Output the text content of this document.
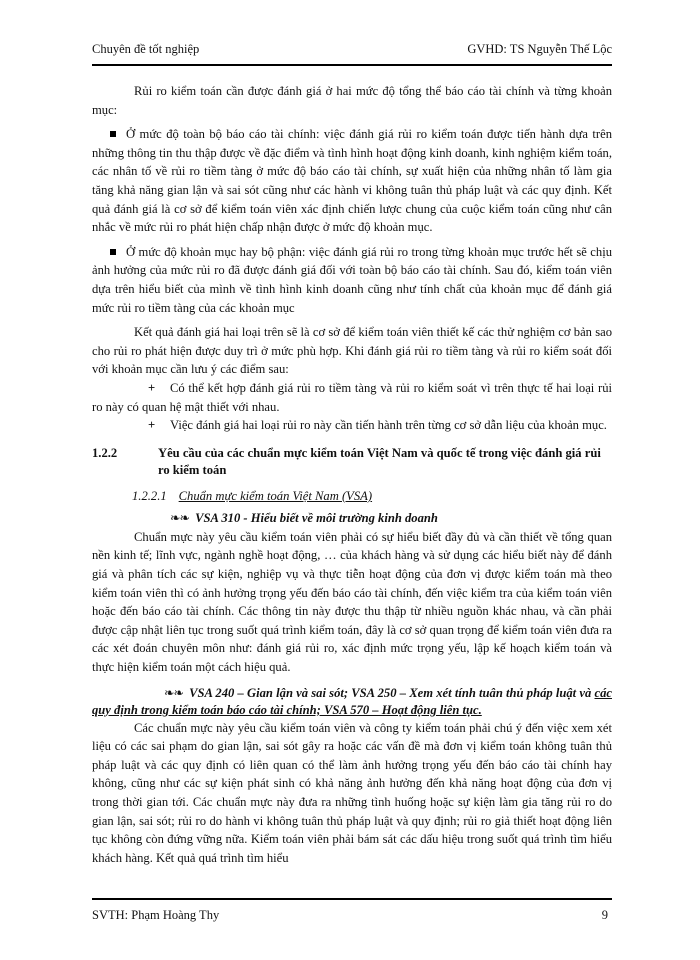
Chuyên đề tốt nghiệp	GVHD: TS Nguyễn Thế Lộc

Rủi ro kiểm toán cần được đánh giá ở hai mức độ tổng thể báo cáo tài chính và từng khoản mục:

Ở mức độ toàn bộ báo cáo tài chính: việc đánh giá rủi ro kiểm toán được tiến hành dựa trên những thông tin thu thập được về đặc điểm và tình hình hoạt động kinh doanh, kinh nghiệm kiểm toán, các nhân tố về rủi ro tiềm tàng ở mức độ báo cáo tài chính, sự xuất hiện của những nhân tố làm gia tăng khả năng gian lận và sai sót cũng như các hành vi không tuân thủ pháp luật và các quy định. Kết quả đánh giá là cơ sở để kiểm toán viên xác định chiến lược chung của cuộc kiểm toán cũng như cân nhắc về mức rủi ro phát hiện chấp nhận được ở mức độ khoản mục.

Ở mức độ khoản mục hay bộ phận: việc đánh giá rủi ro trong từng khoản mục trước hết sẽ chịu ảnh hưởng của mức rủi ro đã được đánh giá đối với toàn bộ báo cáo tài chính. Sau đó, kiểm toán viên dựa trên hiểu biết của mình về tình hình kinh doanh cũng như tính chất của khoản mục để đánh giá mức rủi ro tiềm tàng của các khoản mục

Kết quả đánh giá hai loại trên sẽ là cơ sở để kiểm toán viên thiết kế các thử nghiệm cơ bản sao cho rủi ro phát hiện được duy trì ở mức phù hợp. Khi đánh giá rủi ro tiềm tàng và rủi ro kiểm soát đối với khoản mục cần lưu ý các điểm sau:

+ Có thể kết hợp đánh giá rủi ro tiềm tàng và rủi ro kiểm soát vì trên thực tế hai loại rủi ro này có quan hệ mật thiết với nhau.

+ Việc đánh giá hai loại rủi ro này cần tiến hành trên từng cơ sở dẫn liệu của khoản mục.

1.2.2	Yêu cầu của các chuẩn mực kiểm toán Việt Nam và quốc tế trong việc đánh giá rủi ro kiểm toán

1.2.2.1 Chuẩn mực kiểm toán Việt Nam (VSA)

❧❧ VSA 310 - Hiểu biết về môi trường kinh doanh

Chuẩn mực này yêu cầu kiểm toán viên phải có sự hiểu biết đầy đủ và cần thiết về tổng quan nền kinh tế; lĩnh vực, ngành nghề hoạt động, … của khách hàng và sử dụng các hiểu biết này để đánh giá và phân tích các sự kiện, nghiệp vụ và thực tiễn hoạt động của đơn vị được kiểm toán mà theo kiểm toán viên thì có ảnh hưởng trọng yếu đến báo cáo tài chính, đến việc kiểm tra của kiểm toán viên hoặc đến báo cáo tài chính. Các thông tin này được thu thập từ nhiều nguồn khác nhau, và cần phải được cập nhật liên tục trong suốt quá trình kiểm toán, đây là cơ sở quan trọng để kiểm toán viên đưa ra các xét đoán chuyên môn như: đánh giá rủi ro, xác định mức trọng yếu, lập kế hoạch kiểm toán và thực hiện kiểm toán một cách hiệu quả.

❧❧ VSA 240 – Gian lận và sai sót; VSA 250 – Xem xét tính tuân thủ pháp luật và các quy định trong kiểm toán báo cáo tài chính; VSA 570 – Hoạt động liên tục.

Các chuẩn mực này yêu cầu kiểm toán viên và công ty kiểm toán phải chú ý đến việc xem xét liệu có các sai phạm do gian lận, sai sót gây ra hoặc các vấn đề mà đơn vị kiểm toán không tuân thủ pháp luật và các quy định có liên quan có thể làm ảnh hưởng trọng yếu đến báo cáo tài chính hay không, cũng như các sự kiện phát sinh có khả năng ảnh hưởng đến khả năng hoạt động của đơn vị trong thời gian tới. Các chuẩn mực này đưa ra những tình huống hoặc sự kiện làm gia tăng rủi ro do gian lận, sai sót; rủi ro do hành vi không tuân thủ pháp luật và quy định; rủi ro giả thiết hoạt động liên tục không còn đứng vững nữa. Kiểm toán viên phải bám sát các dấu hiệu trong suốt quá trình tìm hiểu khách hàng. Kết quả quá trình tìm hiểu

SVTH: Phạm Hoàng Thy	9
